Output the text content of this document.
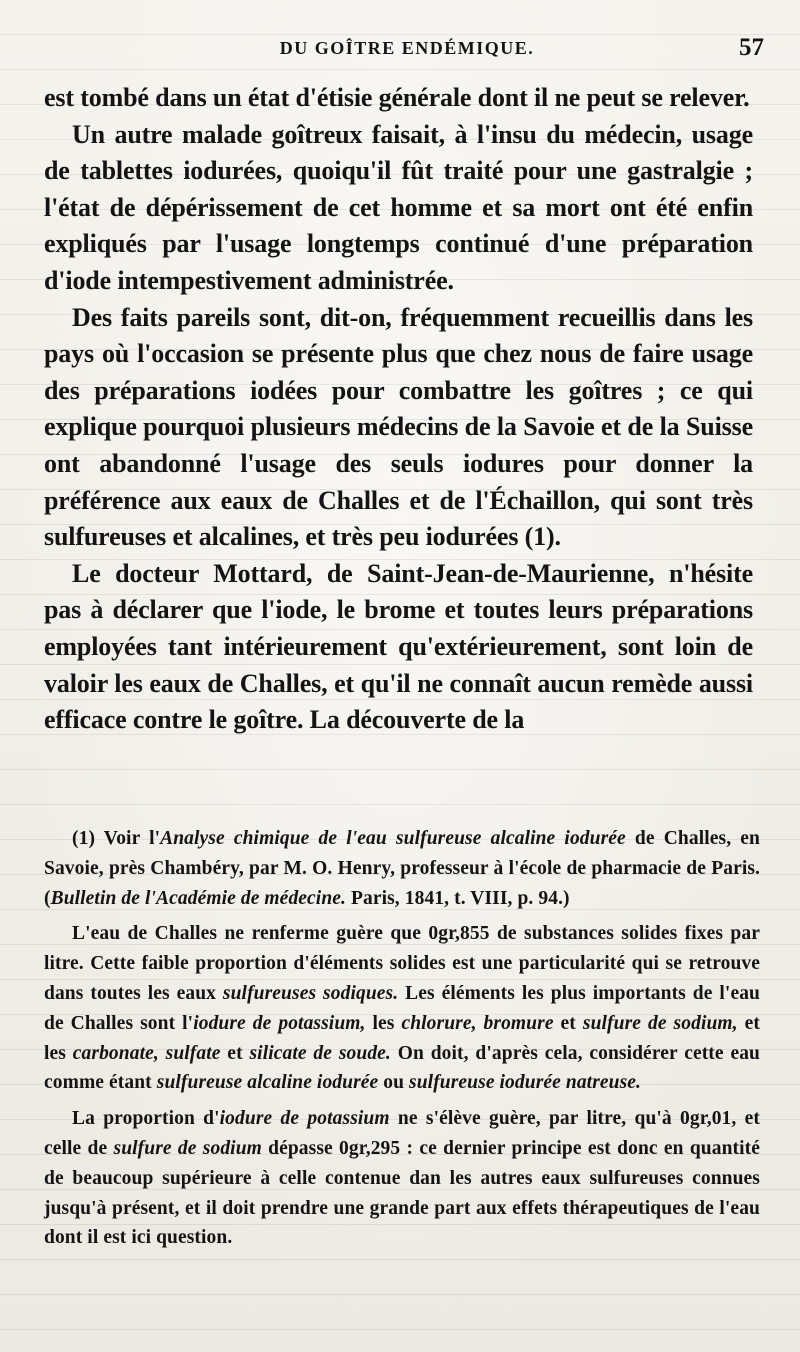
DU GOÎTRE ENDÉMIQUE.	57

est tombé dans un état d'étisie générale dont il ne peut se relever.

Un autre malade goîtreux faisait, à l'insu du médecin, usage de tablettes iodurées, quoiqu'il fût traité pour une gastralgie ; l'état de dépérissement de cet homme et sa mort ont été enfin expliqués par l'usage longtemps continué d'une préparation d'iode intempestivement administrée.

Des faits pareils sont, dit-on, fréquemment recueillis dans les pays où l'occasion se présente plus que chez nous de faire usage des préparations iodées pour combattre les goîtres ; ce qui explique pourquoi plusieurs médecins de la Savoie et de la Suisse ont abandonné l'usage des seuls iodures pour donner la préférence aux eaux de Challes et de l'Échaillon, qui sont très sulfureuses et alcalines, et très peu iodurées (1).

Le docteur Mottard, de Saint-Jean-de-Maurienne, n'hésite pas à déclarer que l'iode, le brome et toutes leurs préparations employées tant intérieurement qu'extérieurement, sont loin de valoir les eaux de Challes, et qu'il ne connaît aucun remède aussi efficace contre le goître. La découverte de la

(1) Voir l'Analyse chimique de l'eau sulfureuse alcaline iodurée de Challes, en Savoie, près Chambéry, par M. O. Henry, professeur à l'école de pharmacie de Paris. (Bulletin de l'Académie de médecine. Paris, 1841, t. VIII, p. 94.)

L'eau de Challes ne renferme guère que 0gr,855 de substances solides fixes par litre. Cette faible proportion d'éléments solides est une particularité qui se retrouve dans toutes les eaux sulfureuses sodiques. Les éléments les plus importants de l'eau de Challes sont l'iodure de potassium, les chlorure, bromure et sulfure de sodium, et les carbonate, sulfate et silicate de soude. On doit, d'après cela, considérer cette eau comme étant sulfureuse alcaline iodurée ou sulfureuse iodurée natreuse.

La proportion d'iodure de potassium ne s'élève guère, par litre, qu'à 0gr,01, et celle de sulfure de sodium dépasse 0gr,295 : ce dernier principe est donc en quantité de beaucoup supérieure à celle contenue dan les autres eaux sulfureuses connues jusqu'à présent, et il doit prendre une grande part aux effets thérapeutiques de l'eau dont il est ici question.
